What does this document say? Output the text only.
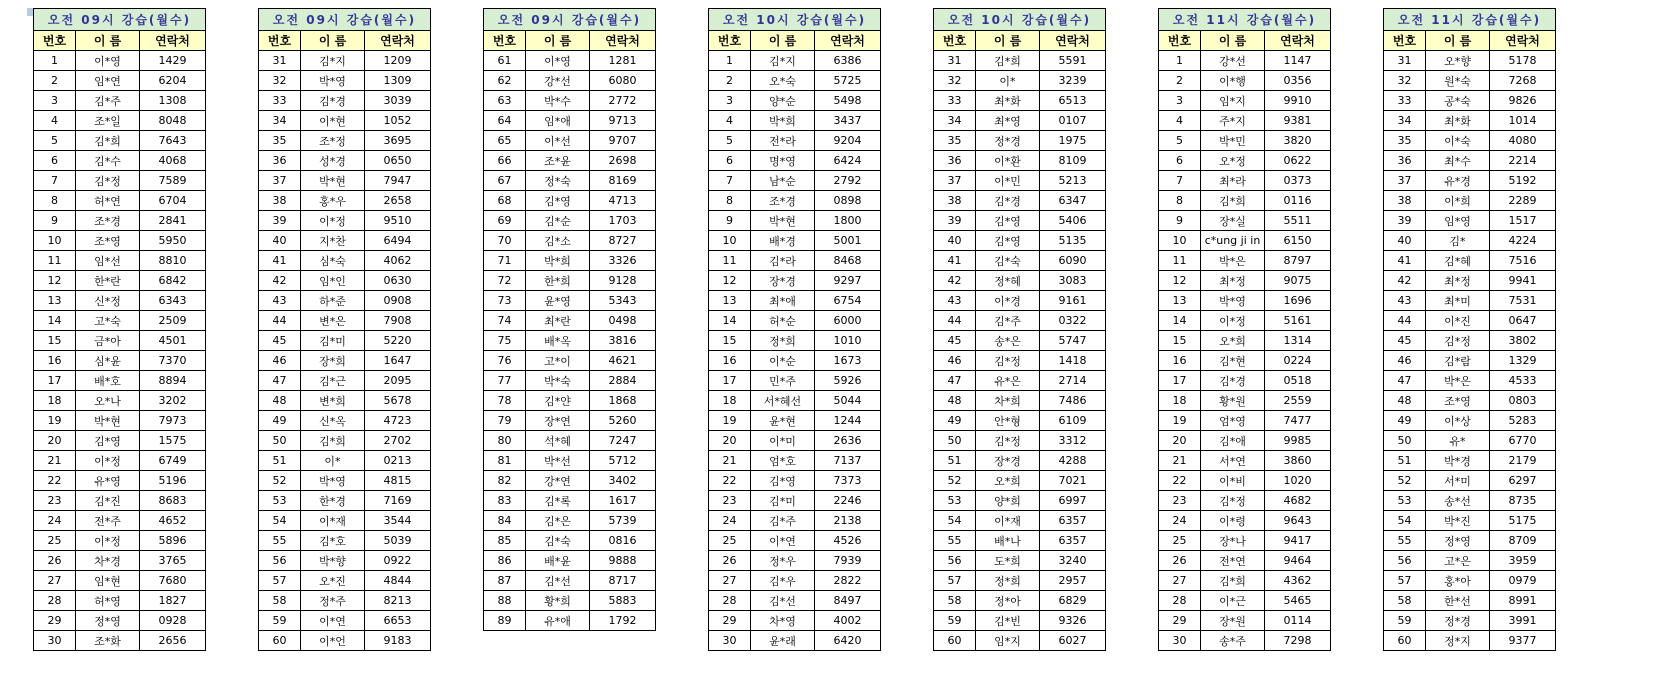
오전 09시 강습(월수)		
번호	이 름	연락처
1	이*영	1429
2	임*연	6204
3	김*주	1308
4	조*일	8048
5	김*희	7643
6	김*수	4068
7	김*정	7589
8	허*연	6704
9	조*경	2841
10	조*영	5950
11	임*선	8810
12	한*란	6842
13	신*정	6343
14	고*숙	2509
15	금*아	4501
16	심*윤	7370
17	배*호	8894
18	오*나	3202
19	박*현	7973
20	김*영	1575
21	이*정	6749
22	유*영	5196
23	김*진	8683
24	전*주	4652
25	이*정	5896
26	차*경	3765
27	임*현	7680
28	허*영	1827
29	정*영	0928
30	조*화	2656
오전 09시 강습(월수)		
번호	이 름	연락처
31	김*지	1209
32	박*영	1309
33	김*경	3039
34	이*현	1052
35	조*정	3695
36	성*경	0650
37	박*현	7947
38	홍*우	2658
39	이*정	9510
40	지*찬	6494
41	심*숙	4062
42	임*인	0630
43	하*준	0908
44	변*은	7908
45	김*미	5220
46	장*희	1647
47	김*근	2095
48	변*희	5678
49	신*옥	4723
50	김*희	2702
51	이*	0213
52	박*영	4815
53	한*경	7169
54	이*재	3544
55	김*호	5039
56	박*향	0922
57	오*진	4844
58	정*주	8213
59	이*연	6653
60	이*언	9183
오전 09시 강습(월수)		
번호	이 름	연락처
61	이*영	1281
62	강*선	6080
63	박*수	2772
64	임*애	9713
65	이*선	9707
66	조*윤	2698
67	정*숙	8169
68	김*영	4713
69	김*순	1703
70	김*소	8727
71	박*희	3326
72	한*희	9128
73	윤*영	5343
74	최*란	0498
75	배*옥	3816
76	고*이	4621
77	박*숙	2884
78	김*얀	1868
79	장*연	5260
80	석*혜	7247
81	박*선	5712
82	강*연	3402
83	김*록	1617
84	김*은	5739
85	김*숙	0816
86	배*윤	9888
87	김*선	8717
88	황*희	5883
89	유*애	1792
오전 10시 강습(월수)		
번호	이 름	연락처
1	김*지	6386
2	오*숙	5725
3	양*순	5498
4	박*희	3437
5	전*라	9204
6	명*영	6424
7	남*순	2792
8	조*경	0898
9	박*현	1800
10	배*경	5001
11	김*라	8468
12	장*경	9297
13	최*애	6754
14	허*순	6000
15	정*희	1010
16	이*순	1673
17	민*주	5926
18	서*혜선	5044
19	윤*현	1244
20	이*미	2636
21	엄*호	7137
22	김*영	7373
23	김*미	2246
24	김*주	2138
25	이*연	4526
26	정*우	7939
27	김*우	2822
28	김*선	8497
29	차*영	4002
30	윤*래	6420
오전 10시 강습(월수)		
번호	이 름	연락처
31	김*희	5591
32	이*	3239
33	최*화	6513
34	최*영	0107
35	정*경	1975
36	이*환	8109
37	이*민	5213
38	김*경	6347
39	김*영	5406
40	김*영	5135
41	김*숙	6090
42	정*혜	3083
43	이*경	9161
44	김*주	0322
45	송*은	5747
46	김*정	1418
47	유*은	2714
48	차*희	7486
49	안*형	6109
50	김*정	3312
51	장*경	4288
52	오*희	7021
53	양*희	6997
54	이*재	6357
55	배*나	6357
56	도*희	3240
57	정*희	2957
58	정*아	6829
59	김*빈	9326
60	임*지	6027
오전 11시 강습(월수)		
번호	이 름	연락처
1	강*선	1147
2	이*행	0356
3	임*지	9910
4	주*지	9381
5	박*민	3820
6	오*정	0622
7	최*라	0373
8	김*희	0116
9	장*실	5511
10	c*ung ji in	6150
11	박*은	8797
12	최*정	9075
13	박*영	1696
14	이*정	5161
15	오*희	1314
16	김*현	0224
17	김*경	0518
18	황*원	2559
19	엄*영	7477
20	김*애	9985
21	서*연	3860
22	이*비	1020
23	김*정	4682
24	이*령	9643
25	장*나	9417
26	전*연	9464
27	김*희	4362
28	이*근	5465
29	장*원	0114
30	송*주	7298
오전 11시 강습(월수)		
번호	이 름	연락처
31	오*향	5178
32	원*숙	7268
33	공*숙	9826
34	최*화	1014
35	이*숙	4080
36	최*수	2214
37	유*경	5192
38	이*희	2289
39	임*영	1517
40	김*	4224
41	김*혜	7516
42	최*정	9941
43	최*미	7531
44	이*진	0647
45	김*정	3802
46	김*람	1329
47	박*은	4533
48	조*영	0803
49	이*상	5283
50	유*	6770
51	박*경	2179
52	서*미	6297
53	송*선	8735
54	박*진	5175
55	정*영	8709
56	고*은	3959
57	홍*아	0979
58	한*선	8991
59	정*경	3991
60	정*지	9377
